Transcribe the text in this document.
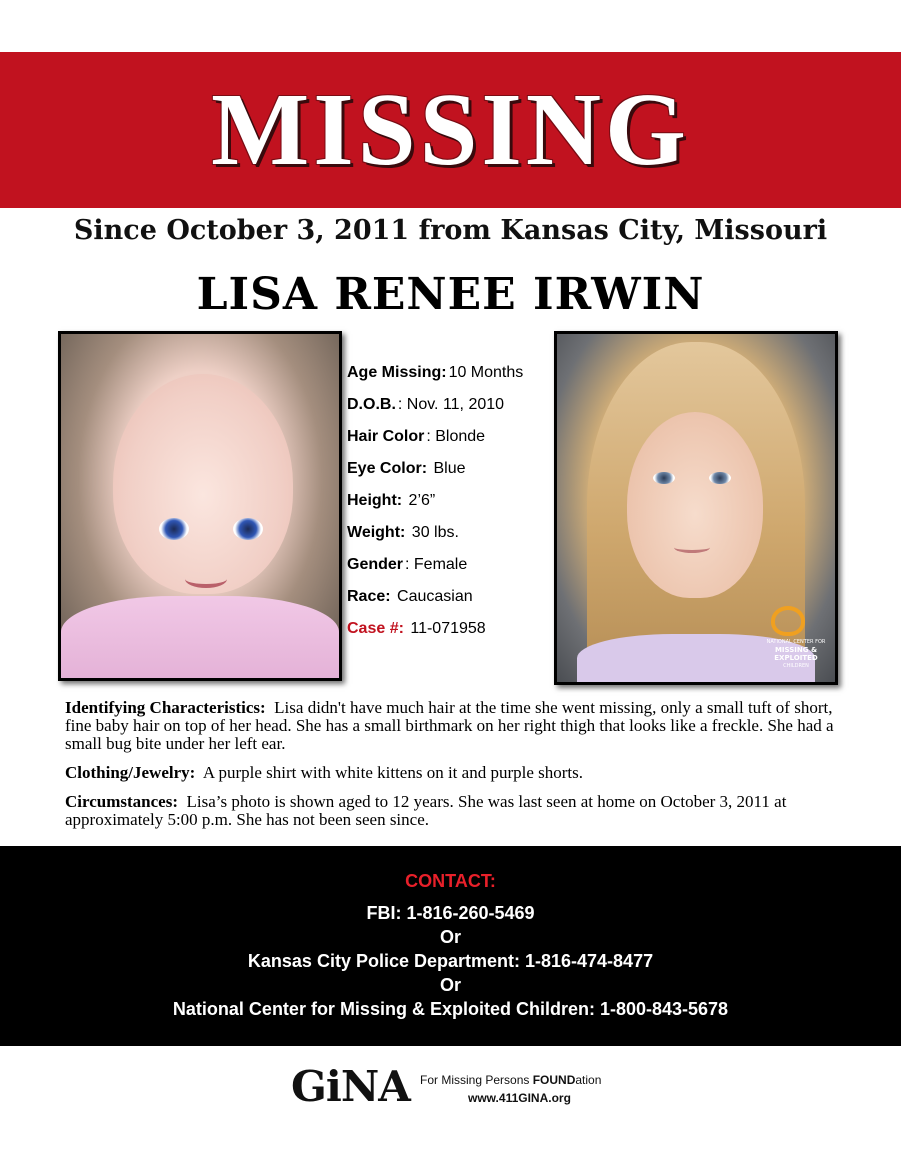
MISSING
Since October 3, 2011 from Kansas City, Missouri
LISA RENEE IRWIN
NATIONAL CENTER FOR
MISSING &
EXPLOITED
CHILDREN
Age Missing: 10 Months
D.O.B. : Nov. 11, 2010
Hair Color : Blonde
Eye Color: Blue
Height: 2’6”
Weight: 30 lbs.
Gender : Female
Race: Caucasian
Case #: 11-071958

Identifying Characteristics: Lisa didn't have much hair at the time she went missing, only a small tuft of short, fine baby hair on top of her head. She has a small birthmark on her right thigh that looks like a freckle. She had a small bug bite under her left ear.

Clothing/Jewelry: A purple shirt with white kittens on it and purple shorts.

Circumstances: Lisa’s photo is shown aged to 12 years. She was last seen at home on October 3, 2011 at approximately 5:00 p.m. She has not been seen since.

CONTACT:
FBI: 1-816-260-5469
Or
Kansas City Police Department: 1-816-474-8477
Or
National Center for Missing & Exploited Children: 1-800-843-5678
GiNA For Missing Persons FOUNDation
www.411GINA.org
